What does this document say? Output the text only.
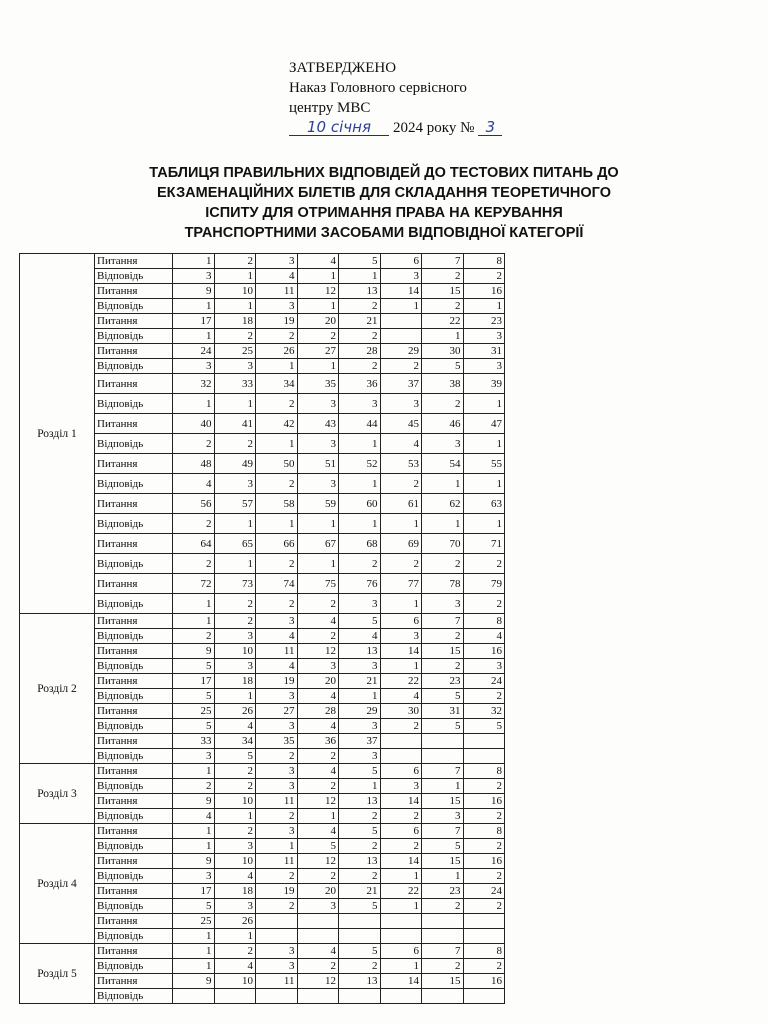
ЗАТВЕРДЖЕНО
Наказ Головного сервісного
центру МВС
10 січня 2024 року № 3
ТАБЛИЦЯ ПРАВИЛЬНИХ ВІДПОВІДЕЙ ДО ТЕСТОВИХ ПИТАНЬ ДО
ЕКЗАМЕНАЦІЙНИХ БІЛЕТІВ ДЛЯ СКЛАДАННЯ ТЕОРЕТИЧНОГО
ІСПИТУ ДЛЯ ОТРИМАННЯ ПРАВА НА КЕРУВАННЯ
ТРАНСПОРТНИМИ ЗАСОБАМИ ВІДПОВІДНОЇ КАТЕГОРІЇ
Розділ 1	Питання	1	2	3	4	5	6	7	8
	Відповідь	3	1	4	1	1	3	2	2
	Питання	9	10	11	12	13	14	15	16
	Відповідь	1	1	3	1	2	1	2	1
	Питання	17	18	19	20	21		22	23
	Відповідь	1	2	2	2	2		1	3
	Питання	24	25	26	27	28	29	30	31
	Відповідь	3	3	1	1	2	2	5	3
	Питання	32	33	34	35	36	37	38	39
	Відповідь	1	1	2	3	3	3	2	1
	Питання	40	41	42	43	44	45	46	47
	Відповідь	2	2	1	3	1	4	3	1
	Питання	48	49	50	51	52	53	54	55
	Відповідь	4	3	2	3	1	2	1	1
	Питання	56	57	58	59	60	61	62	63
	Відповідь	2	1	1	1	1	1	1	1
	Питання	64	65	66	67	68	69	70	71
	Відповідь	2	1	2	1	2	2	2	2
	Питання	72	73	74	75	76	77	78	79
	Відповідь	1	2	2	2	3	1	3	2
Розділ 2	Питання	1	2	3	4	5	6	7	8
	Відповідь	2	3	4	2	4	3	2	4
	Питання	9	10	11	12	13	14	15	16
	Відповідь	5	3	4	3	3	1	2	3
	Питання	17	18	19	20	21	22	23	24
	Відповідь	5	1	3	4	1	4	5	2
	Питання	25	26	27	28	29	30	31	32
	Відповідь	5	4	3	4	3	2	5	5
	Питання	33	34	35	36	37			
	Відповідь	3	5	2	2	3			
Розділ 3	Питання	1	2	3	4	5	6	7	8
	Відповідь	2	2	3	2	1	3	1	2
	Питання	9	10	11	12	13	14	15	16
	Відповідь	4	1	2	1	2	2	3	2
Розділ 4	Питання	1	2	3	4	5	6	7	8
	Відповідь	1	3	1	5	2	2	5	2
	Питання	9	10	11	12	13	14	15	16
	Відповідь	3	4	2	2	2	1	1	2
	Питання	17	18	19	20	21	22	23	24
	Відповідь	5	3	2	3	5	1	2	2
	Питання	25	26						
	Відповідь	1	1						
Розділ 5	Питання	1	2	3	4	5	6	7	8
	Відповідь	1	4	3	2	2	1	2	2
	Питання	9	10	11	12	13	14	15	16
	Відповідь								
